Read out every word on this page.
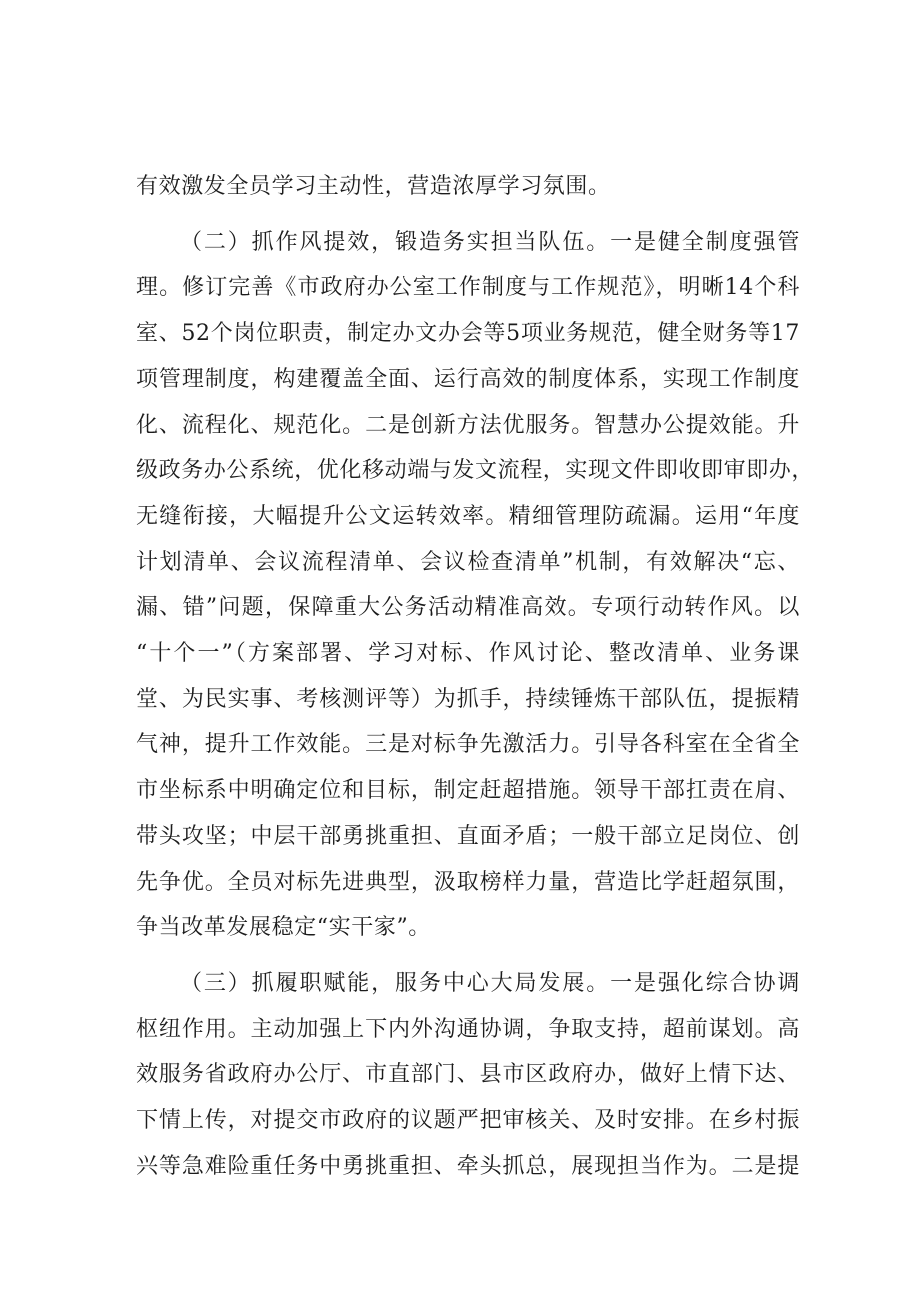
有效激发全员学习主动性，营造浓厚学习氛围。
（二）抓作风提效，锻造务实担当队伍。一是健全制度强管
理。修订完善《市政府办公室工作制度与工作规范》，明晰14个科
室、52个岗位职责，制定办文办会等5项业务规范，健全财务等17
项管理制度，构建覆盖全面、运行高效的制度体系，实现工作制度
化、流程化、规范化。二是创新方法优服务。智慧办公提效能。升
级政务办公系统，优化移动端与发文流程，实现文件即收即审即办，
无缝衔接，大幅提升公文运转效率。精细管理防疏漏。运用“年度
计划清单、会议流程清单、会议检查清单”机制，有效解决“忘、
漏、错”问题，保障重大公务活动精准高效。专项行动转作风。以
“十个一”（方案部署、学习对标、作风讨论、整改清单、业务课
堂、为民实事、考核测评等）为抓手，持续锤炼干部队伍，提振精
气神，提升工作效能。三是对标争先激活力。引导各科室在全省全
市坐标系中明确定位和目标，制定赶超措施。领导干部扛责在肩、
带头攻坚；中层干部勇挑重担、直面矛盾；一般干部立足岗位、创
先争优。全员对标先进典型，汲取榜样力量，营造比学赶超氛围，
争当改革发展稳定“实干家”。
（三）抓履职赋能，服务中心大局发展。一是强化综合协调
枢纽作用。主动加强上下内外沟通协调，争取支持，超前谋划。高
效服务省政府办公厅、市直部门、县市区政府办，做好上情下达、
下情上传，对提交市政府的议题严把审核关、及时安排。在乡村振
兴等急难险重任务中勇挑重担、牵头抓总，展现担当作为。二是提
